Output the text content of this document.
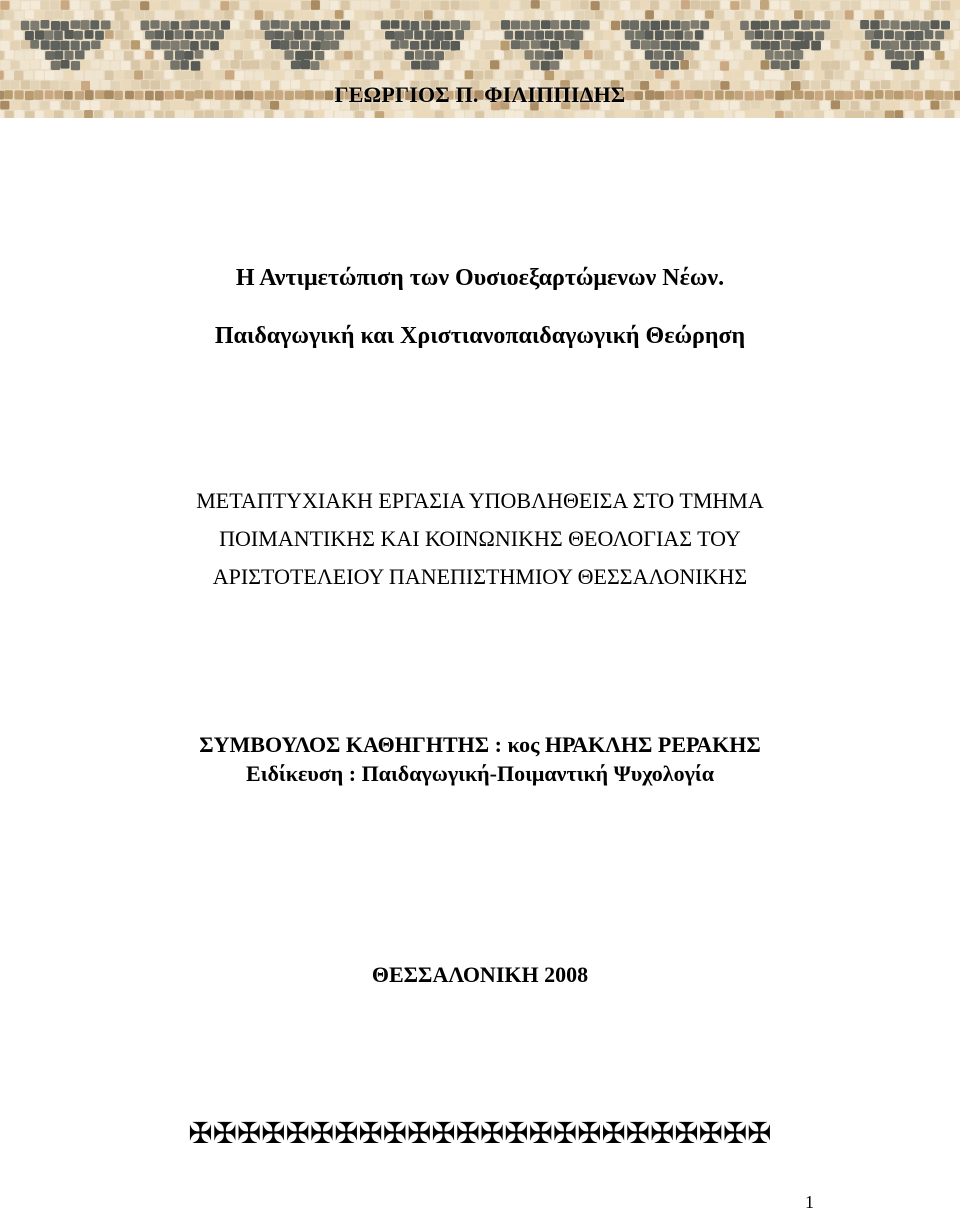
ΓΕΩΡΓΙΟΣ Π. ΦΙΛΙΠΠΙΔΗΣ
Η Αντιμετώπιση των Ουσιοεξαρτώμενων Νέων.
Παιδαγωγική και Χριστιανοπαιδαγωγική Θεώρηση
ΜΕΤΑΠΤΥΧΙΑΚΗ ΕΡΓΑΣΙΑ ΥΠΟΒΛΗΘΕΙΣΑ ΣΤΟ ΤΜΗΜΑ
ΠΟΙΜΑΝΤΙΚΗΣ ΚΑΙ ΚΟΙΝΩΝΙΚΗΣ ΘΕΟΛΟΓΙΑΣ ΤΟΥ
ΑΡΙΣΤΟΤΕΛΕΙΟΥ ΠΑΝΕΠΙΣΤΗΜΙΟΥ ΘΕΣΣΑΛΟΝΙΚΗΣ
ΣΥΜΒΟΥΛΟΣ ΚΑΘΗΓΗΤΗΣ : κος ΗΡΑΚΛΗΣ ΡΕΡΑΚΗΣ
Ειδίκευση : Παιδαγωγική-Ποιμαντική Ψυχολογία
ΘΕΣΣΑΛΟΝΙΚΗ 2008
✠✠✠✠✠✠✠✠✠✠✠✠✠✠✠✠✠✠✠✠✠✠✠✠
1
